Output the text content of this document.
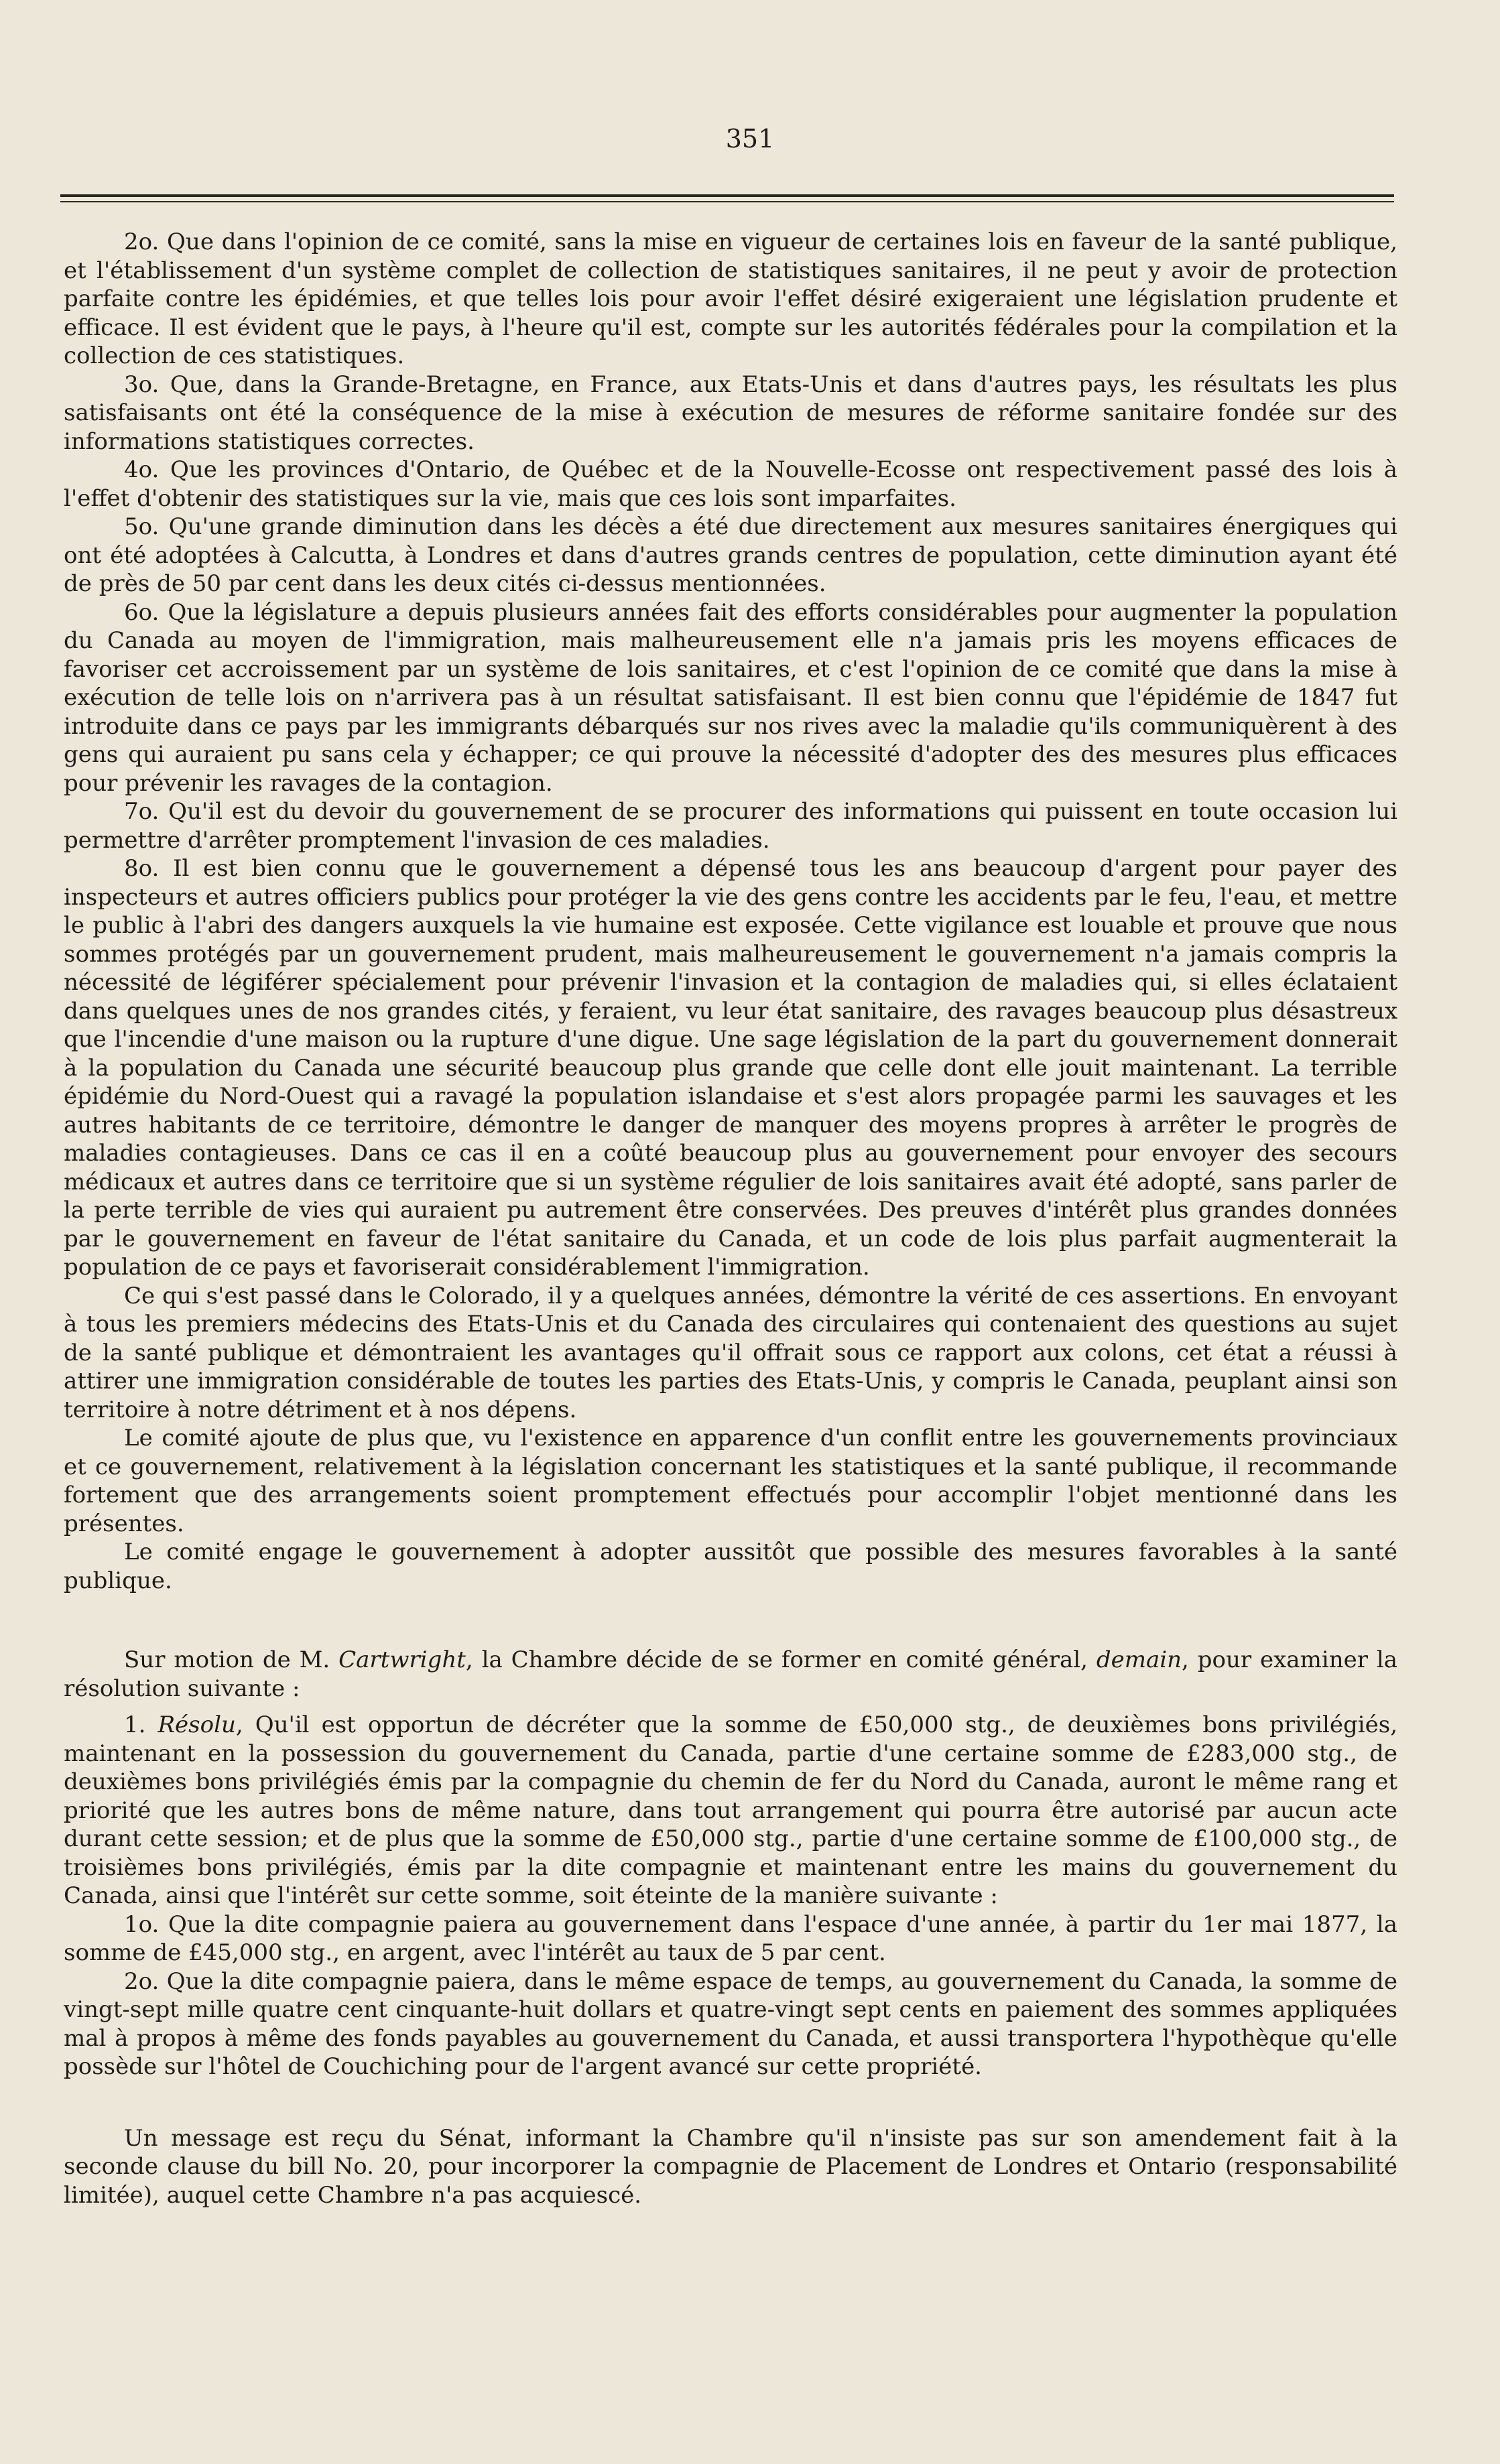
351

2o. Que dans l'opinion de ce comité, sans la mise en vigueur de certaines lois en faveur de la santé publique, et l'établissement d'un système complet de collection de statistiques sanitaires, il ne peut y avoir de protection parfaite contre les épidémies, et que telles lois pour avoir l'effet désiré exigeraient une législation prudente et efficace. Il est évident que le pays, à l'heure qu'il est, compte sur les autorités fédérales pour la compilation et la collection de ces statistiques.

3o. Que, dans la Grande-Bretagne, en France, aux Etats-Unis et dans d'autres pays, les résultats les plus satisfaisants ont été la conséquence de la mise à exécution de mesures de réforme sanitaire fondée sur des informations statistiques correctes.

4o. Que les provinces d'Ontario, de Québec et de la Nouvelle-Ecosse ont respectivement passé des lois à l'effet d'obtenir des statistiques sur la vie, mais que ces lois sont imparfaites.

5o. Qu'une grande diminution dans les décès a été due directement aux mesures sanitaires énergiques qui ont été adoptées à Calcutta, à Londres et dans d'autres grands centres de population, cette diminution ayant été de près de 50 par cent dans les deux cités ci-dessus mentionnées.

6o. Que la législature a depuis plusieurs années fait des efforts considérables pour augmenter la population du Canada au moyen de l'immigration, mais malheureusement elle n'a jamais pris les moyens efficaces de favoriser cet accroissement par un système de lois sanitaires, et c'est l'opinion de ce comité que dans la mise à exécution de telle lois on n'arrivera pas à un résultat satisfaisant. Il est bien connu que l'épidémie de 1847 fut introduite dans ce pays par les immigrants débarqués sur nos rives avec la maladie qu'ils communiquèrent à des gens qui auraient pu sans cela y échapper; ce qui prouve la nécessité d'adopter des des mesures plus efficaces pour prévenir les ravages de la contagion.

7o. Qu'il est du devoir du gouvernement de se procurer des informations qui puissent en toute occasion lui permettre d'arrêter promptement l'invasion de ces maladies.

8o. Il est bien connu que le gouvernement a dépensé tous les ans beaucoup d'argent pour payer des inspecteurs et autres officiers publics pour protéger la vie des gens contre les accidents par le feu, l'eau, et mettre le public à l'abri des dangers auxquels la vie humaine est exposée. Cette vigilance est louable et prouve que nous sommes protégés par un gouvernement prudent, mais malheureusement le gouvernement n'a jamais compris la nécessité de légiférer spécialement pour prévenir l'invasion et la contagion de maladies qui, si elles éclataient dans quelques unes de nos grandes cités, y feraient, vu leur état sanitaire, des ravages beaucoup plus désastreux que l'incendie d'une maison ou la rupture d'une digue. Une sage législation de la part du gouvernement donnerait à la population du Canada une sécurité beaucoup plus grande que celle dont elle jouit maintenant. La terrible épidémie du Nord-Ouest qui a ravagé la population islandaise et s'est alors propagée parmi les sauvages et les autres habitants de ce territoire, démontre le danger de manquer des moyens propres à arrêter le progrès de maladies contagieuses. Dans ce cas il en a coûté beaucoup plus au gouvernement pour envoyer des secours médicaux et autres dans ce territoire que si un système régulier de lois sanitaires avait été adopté, sans parler de la perte terrible de vies qui auraient pu autrement être conservées. Des preuves d'intérêt plus grandes données par le gouvernement en faveur de l'état sanitaire du Canada, et un code de lois plus parfait augmenterait la population de ce pays et favoriserait considérablement l'immigration.

Ce qui s'est passé dans le Colorado, il y a quelques années, démontre la vérité de ces assertions. En envoyant à tous les premiers médecins des Etats-Unis et du Canada des circulaires qui contenaient des questions au sujet de la santé publique et démontraient les avantages qu'il offrait sous ce rapport aux colons, cet état a réussi à attirer une immigration considérable de toutes les parties des Etats-Unis, y compris le Canada, peuplant ainsi son territoire à notre détriment et à nos dépens.

Le comité ajoute de plus que, vu l'existence en apparence d'un conflit entre les gouvernements provinciaux et ce gouvernement, relativement à la législation concernant les statistiques et la santé publique, il recommande fortement que des arrangements soient promptement effectués pour accomplir l'objet mentionné dans les présentes.

Le comité engage le gouvernement à adopter aussitôt que possible des mesures favorables à la santé publique.

Sur motion de M. Cartwright, la Chambre décide de se former en comité général, demain, pour examiner la résolution suivante :

1. Résolu, Qu'il est opportun de décréter que la somme de £50,000 stg., de deuxièmes bons privilégiés, maintenant en la possession du gouvernement du Canada, partie d'une certaine somme de £283,000 stg., de deuxièmes bons privilégiés émis par la compagnie du chemin de fer du Nord du Canada, auront le même rang et priorité que les autres bons de même nature, dans tout arrangement qui pourra être autorisé par aucun acte durant cette session; et de plus que la somme de £50,000 stg., partie d'une certaine somme de £100,000 stg., de troisièmes bons privilégiés, émis par la dite compagnie et maintenant entre les mains du gouvernement du Canada, ainsi que l'intérêt sur cette somme, soit éteinte de la manière suivante :

1o. Que la dite compagnie paiera au gouvernement dans l'espace d'une année, à partir du 1er mai 1877, la somme de £45,000 stg., en argent, avec l'intérêt au taux de 5 par cent.

2o. Que la dite compagnie paiera, dans le même espace de temps, au gouvernement du Canada, la somme de vingt-sept mille quatre cent cinquante-huit dollars et quatre-vingt sept cents en paiement des sommes appliquées mal à propos à même des fonds payables au gouvernement du Canada, et aussi transportera l'hypothèque qu'elle possède sur l'hôtel de Couchiching pour de l'argent avancé sur cette propriété.

Un message est reçu du Sénat, informant la Chambre qu'il n'insiste pas sur son amendement fait à la seconde clause du bill No. 20, pour incorporer la compagnie de Placement de Londres et Ontario (responsabilité limitée), auquel cette Chambre n'a pas acquiescé.
